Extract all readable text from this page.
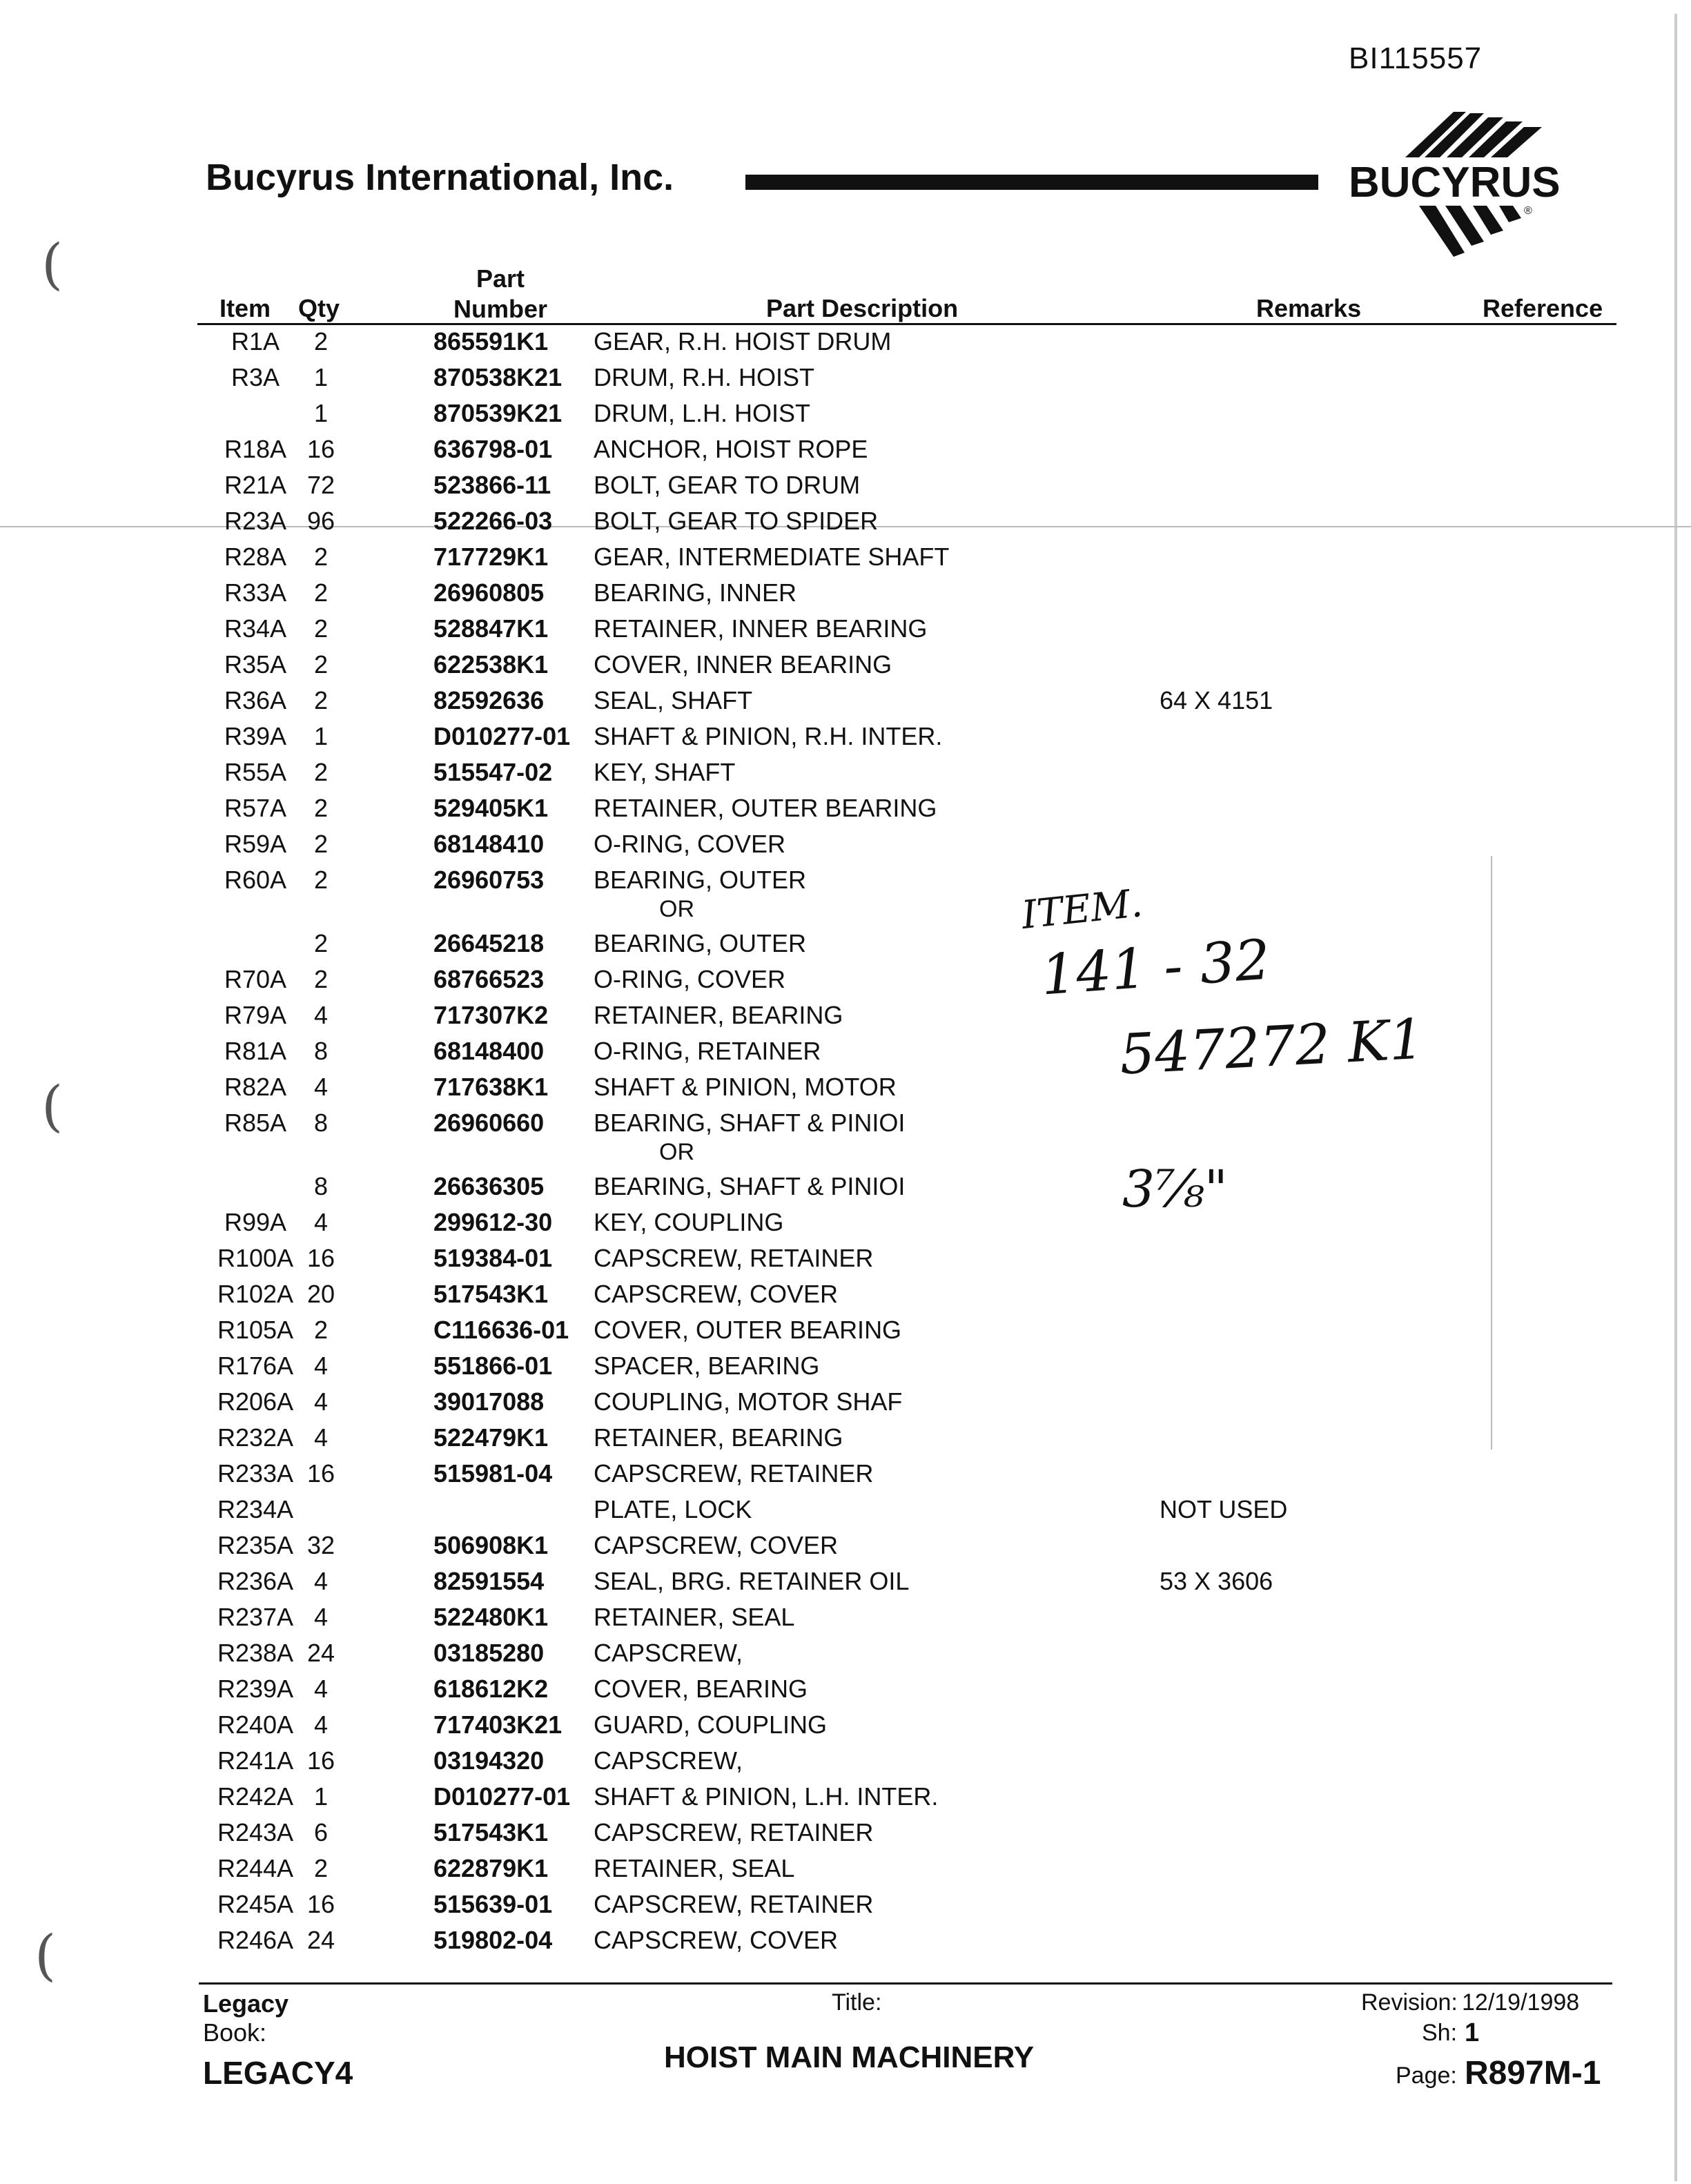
BI115557
Bucyrus International, Inc.	BUCYRUS
®
Item Qty
Part
Number	Part Description	Remarks	Reference
R1A	2	865591K1 GEAR, R.H. HOIST DRUM
R3A	1	870538K21 DRUM, R.H. HOIST
1	870539K21 DRUM, L.H. HOIST
R18A 16	636798-01 ANCHOR, HOIST ROPE
R21A 72	523866-11 BOLT, GEAR TO DRUM
R23A 96	522266-03 BOLT, GEAR TO SPIDER
R28A	2	717729K1 GEAR, INTERMEDIATE SHAFT
R33A	2	26960805 BEARING, INNER
R34A	2	528847K1 RETAINER, INNER BEARING
R35A	2	622538K1 COVER, INNER BEARING
R36A	2	82592636 SEAL, SHAFT	64 X 4151
R39A	1	D010277-01 SHAFT & PINION, R.H. INTER.
R55A	2	515547-02 KEY, SHAFT
R57A	2	529405K1 RETAINER, OUTER BEARING
R59A	2	68148410 O-RING, COVER
R60A	2	26960753 BEARING, OUTER
2	26645218 BEARING, OUTER
R70A	2	68766523 O-RING, COVER
R79A	4	717307K2 RETAINER, BEARING
R81A	8	68148400 O-RING, RETAINER
R82A	4	717638K1 SHAFT & PINION, MOTOR
R85A	8	26960660 BEARING, SHAFT & PINIOI
8	26636305 BEARING, SHAFT & PINIOI
R99A	4	299612-30 KEY, COUPLING
R100A 16	519384-01 CAPSCREW, RETAINER
R102A 20	517543K1 CAPSCREW, COVER
R105A 2	C116636-01 COVER, OUTER BEARING
R176A 4	551866-01 SPACER, BEARING
R206A 4	39017088 COUPLING, MOTOR SHAF
R232A 4	522479K1 RETAINER, BEARING
R233A 16	515981-04 CAPSCREW, RETAINER
R234A	PLATE, LOCK	NOT USED
R235A 32	506908K1 CAPSCREW, COVER
R236A 4	82591554 SEAL, BRG. RETAINER OIL	53 X 3606
R237A 4	522480K1 RETAINER, SEAL
R238A 24	03185280 CAPSCREW,
R239A 4	618612K2 COVER, BEARING
R240A 4	717403K21 GUARD, COUPLING
R241A 16	03194320 CAPSCREW,
R242A 1	D010277-01 SHAFT & PINION, L.H. INTER.
R243A 6	517543K1 CAPSCREW, RETAINER
R244A 2	622879K1 RETAINER, SEAL
R245A 16	515639-01 CAPSCREW, RETAINER
R246A 24	519802-04 CAPSCREW, COVER
OR
OR
ITEM.
141 - 32
547272 K1
3⅞"
(
(
(
Legacy
Book:
LEGACY4
Title:
HOIST MAIN MACHINERY
Revision: 12/19/1998
Sh: 1
Page: R897M-1
